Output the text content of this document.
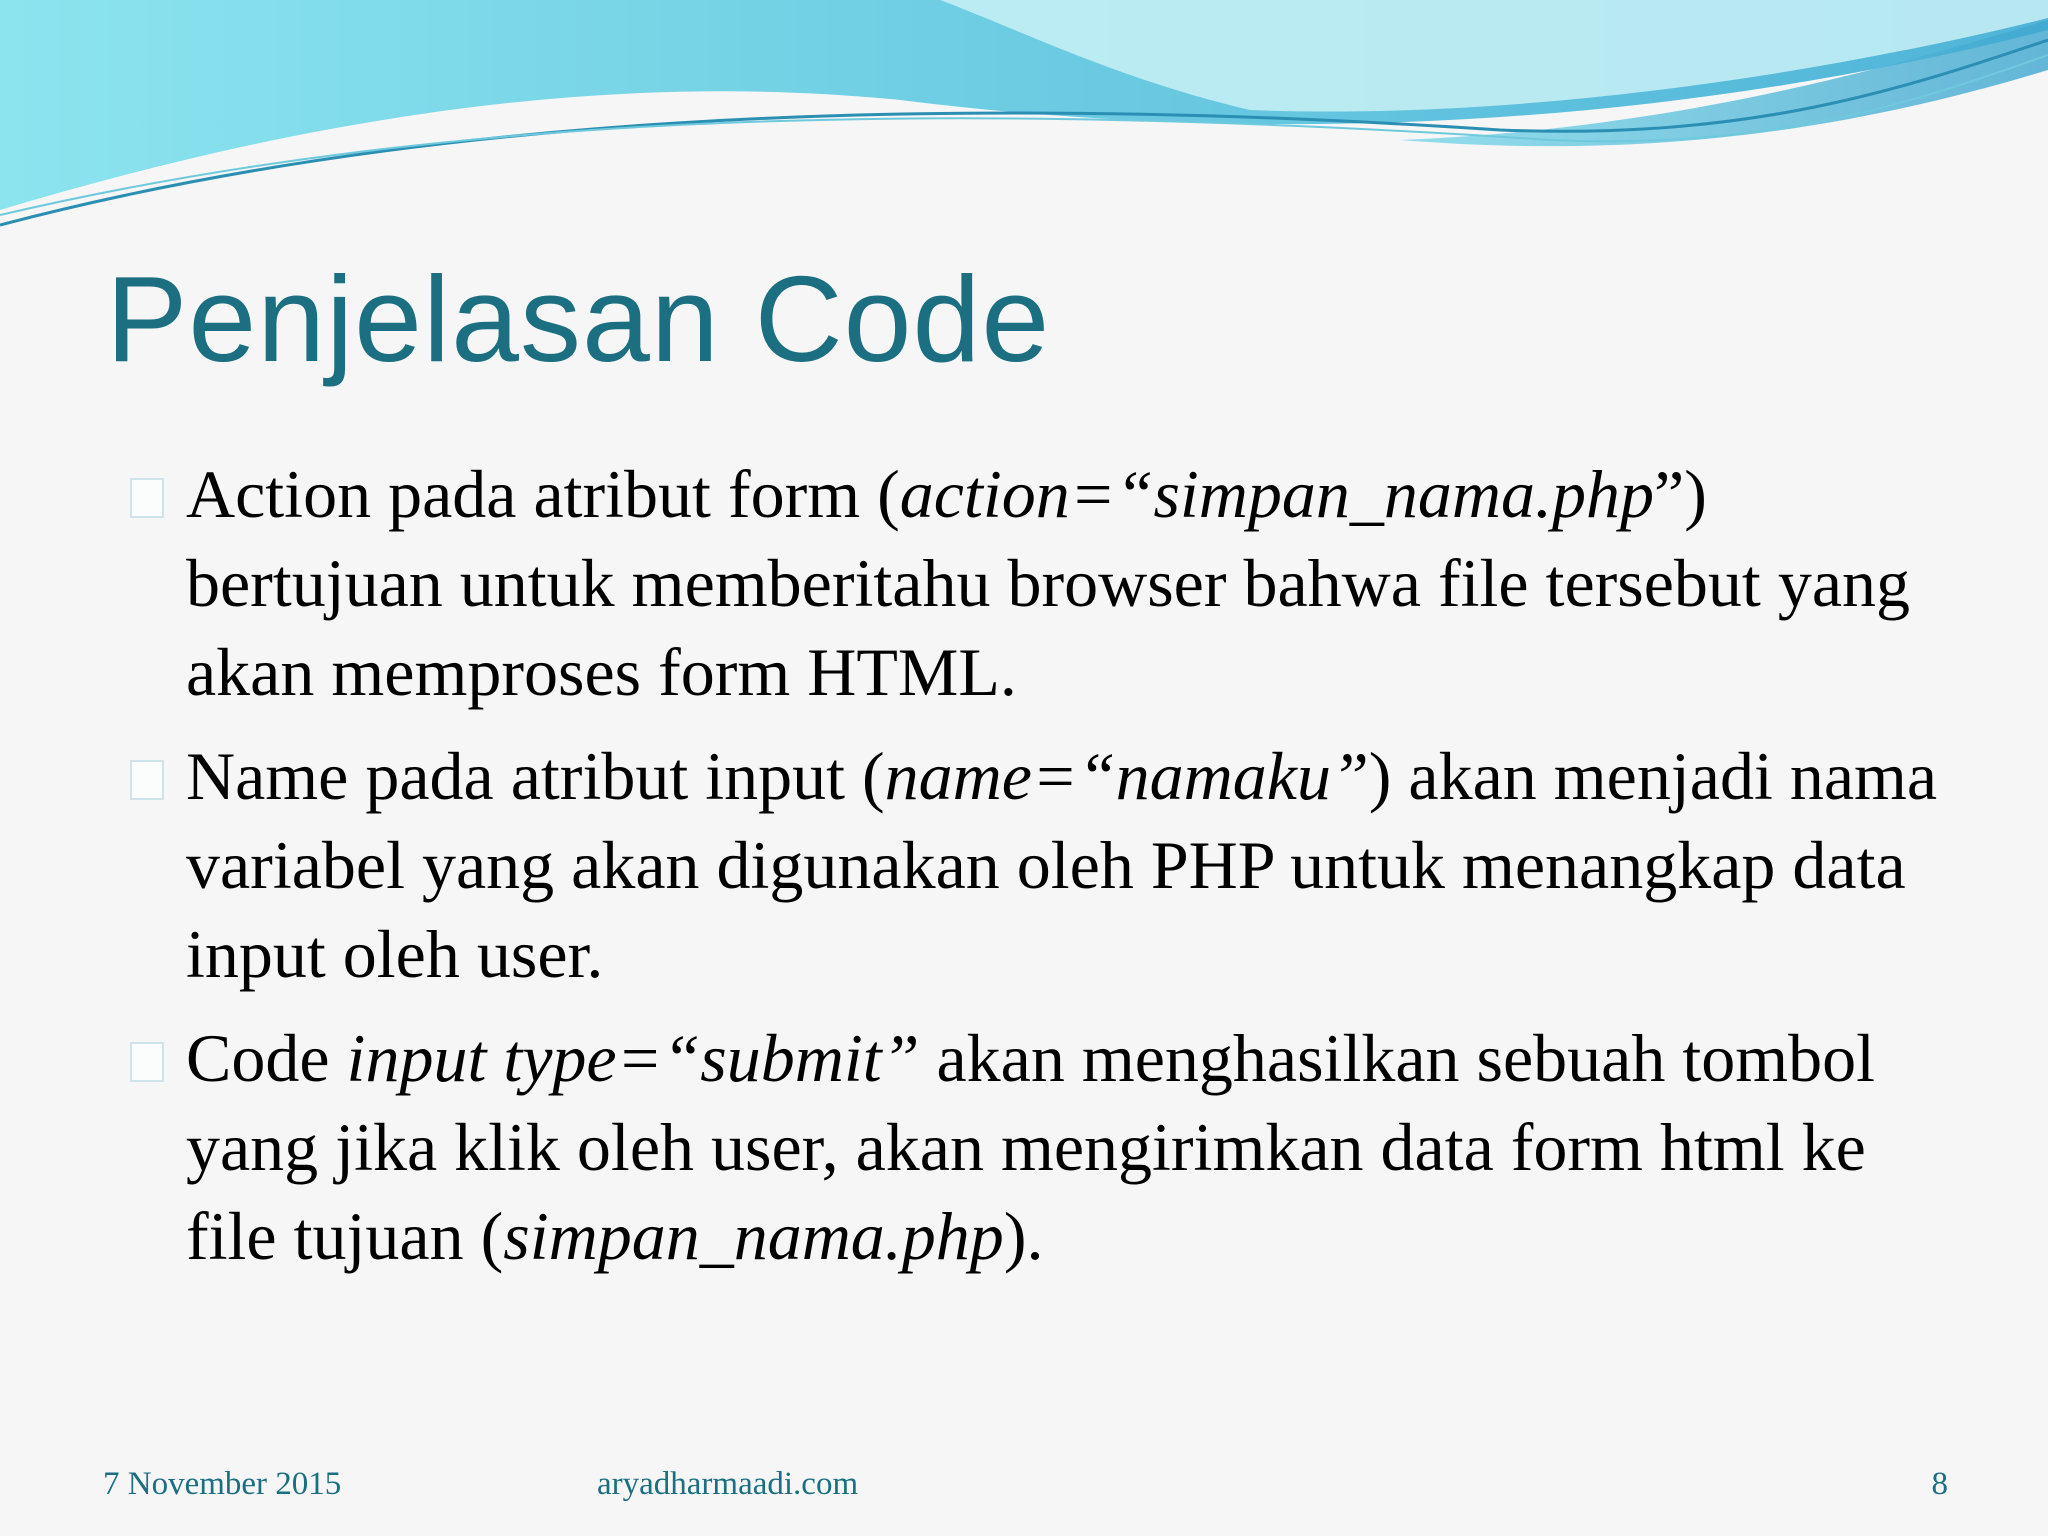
Penjelasan Code
Action pada atribut form (action=“simpan_nama.php”) bertujuan untuk memberitahu browser bahwa file tersebut yang akan memproses form HTML.
Name pada atribut input (name=“namaku”) akan menjadi nama variabel yang akan digunakan oleh PHP untuk menangkap data input oleh user.
Code input type=“submit” akan menghasilkan sebuah tombol yang jika klik oleh user, akan mengirimkan data form html ke file tujuan (simpan_nama.php).
7 November 2015	aryadharmaadi.com	8
